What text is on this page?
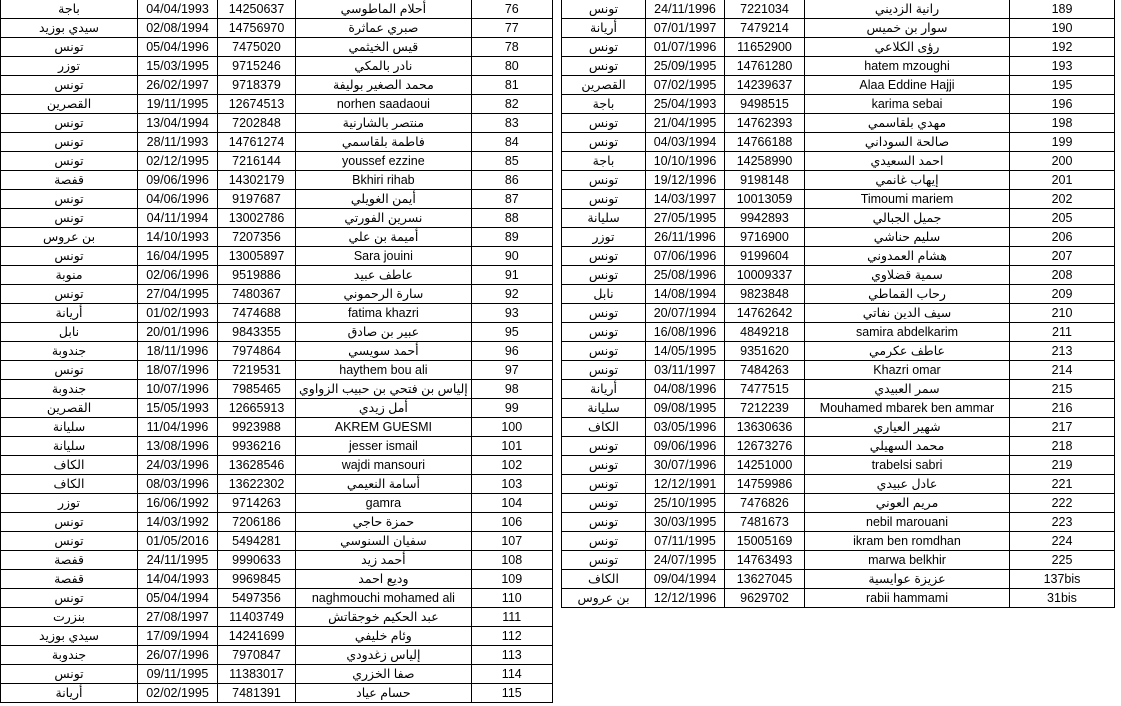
باجة	04/04/1993	14250637	أحلام الماطوسي	76
سيدي بوزيد	02/08/1994	14756970	صبري عماثرة	77
تونس	05/04/1996	7475020	قيس الخيثمي	78
توزر	15/03/1995	9715246	نادر بالمكي	80
تونس	26/02/1997	9718379	محمد الصغير بوليفة	81
القصرين	19/11/1995	12674513	norhen saadaoui	82
تونس	13/04/1994	7202848	منتصر بالشارنية	83
تونس	28/11/1993	14761274	فاطمة بلقاسمي	84
تونس	02/12/1995	7216144	youssef ezzine	85
قفصة	09/06/1996	14302179	Bkhiri rihab	86
تونس	04/06/1996	9197687	أيمن الغويلي	87
تونس	04/11/1994	13002786	نسرين الفورتي	88
بن عروس	14/10/1993	7207356	أميمة بن علي	89
تونس	16/04/1995	13005897	Sara jouini	90
منوبة	02/06/1996	9519886	عاطف عبيد	91
تونس	27/04/1995	7480367	سارة الرحموني	92
أريانة	01/02/1993	7474688	fatima khazri	93
نابل	20/01/1996	9843355	عبير بن صادق	95
جندوبة	18/11/1996	7974864	أحمد سويسي	96
تونس	18/07/1996	7219531	haythem bou ali	97
جندوبة	10/07/1996	7985465	إلياس بن فتحي بن حبيب الزواوي	98
القصرين	15/05/1993	12665913	أمل زيدي	99
سليانة	11/04/1996	9923988	AKREM GUESMI	100
سليانة	13/08/1996	9936216	jesser ismail	101
الكاف	24/03/1996	13628546	wajdi mansouri	102
الكاف	08/03/1996	13622302	أسامة النعيمي	103
توزر	16/06/1992	9714263	gamra	104
تونس	14/03/1992	7206186	حمزة حاجي	106
تونس	01/05/2016	5494281	سفيان السنوسي	107
قفصة	24/11/1995	9990633	أحمد زيد	108
قفصة	14/04/1993	9969845	وديع احمد	109
تونس	05/04/1994	5497356	naghmouchi mohamed ali	110
بنزرت	27/08/1997	11403749	عبد الحكيم خوجقاتش	111
سيدي بوزيد	17/09/1994	14241699	وئام خليفي	112
جندوبة	26/07/1996	7970847	إلياس زغدودي	113
تونس	09/11/1995	11383017	صفا الخزري	114
أريانة	02/02/1995	7481391	حسام عياد	115
تونس	24/11/1996	7221034	رانية الزديني	189
أريانة	07/01/1997	7479214	سوار بن خميس	190
تونس	01/07/1996	11652900	رؤى الكلاعي	192
تونس	25/09/1995	14761280	hatem mzoughi	193
القصرين	07/02/1995	14239637	Alaa Eddine Hajji	195
باجة	25/04/1993	9498515	karima sebai	196
تونس	21/04/1995	14762393	مهدي بلقاسمي	198
تونس	04/03/1994	14766188	صالحة السوداني	199
باجة	10/10/1996	14258990	احمد السعيدي	200
تونس	19/12/1996	9198148	إيهاب غانمي	201
تونس	14/03/1997	10013059	Timoumi mariem	202
سليانة	27/05/1995	9942893	جميل الجبالي	205
توزر	26/11/1996	9716900	سليم حناشي	206
تونس	07/06/1996	9199604	هشام العمدوني	207
تونس	25/08/1996	10009337	سمية قضلاوي	208
نابل	14/08/1994	9823848	رحاب القماطي	209
تونس	20/07/1994	14762642	سيف الدين نفاتي	210
تونس	16/08/1996	4849218	samira abdelkarim	211
تونس	14/05/1995	9351620	عاطف عكرمي	213
تونس	03/11/1997	7484263	Khazri omar	214
أريانة	04/08/1996	7477515	سمر العبيدي	215
سليانة	09/08/1995	7212239	Mouhamed mbarek ben ammar	216
الكاف	03/05/1996	13630636	شهير العياري	217
تونس	09/06/1996	12673276	محمد السهيلي	218
تونس	30/07/1996	14251000	trabelsi sabri	219
تونس	12/12/1991	14759986	عادل عبيدي	221
تونس	25/10/1995	7476826	مريم العوني	222
تونس	30/03/1995	7481673	nebil marouani	223
تونس	07/11/1995	15005169	ikram ben romdhan	224
تونس	24/07/1995	14763493	marwa belkhir	225
الكاف	09/04/1994	13627045	عزيزة عوايسية	137bis
بن عروس	12/12/1996	9629702	rabii hammami	31bis
